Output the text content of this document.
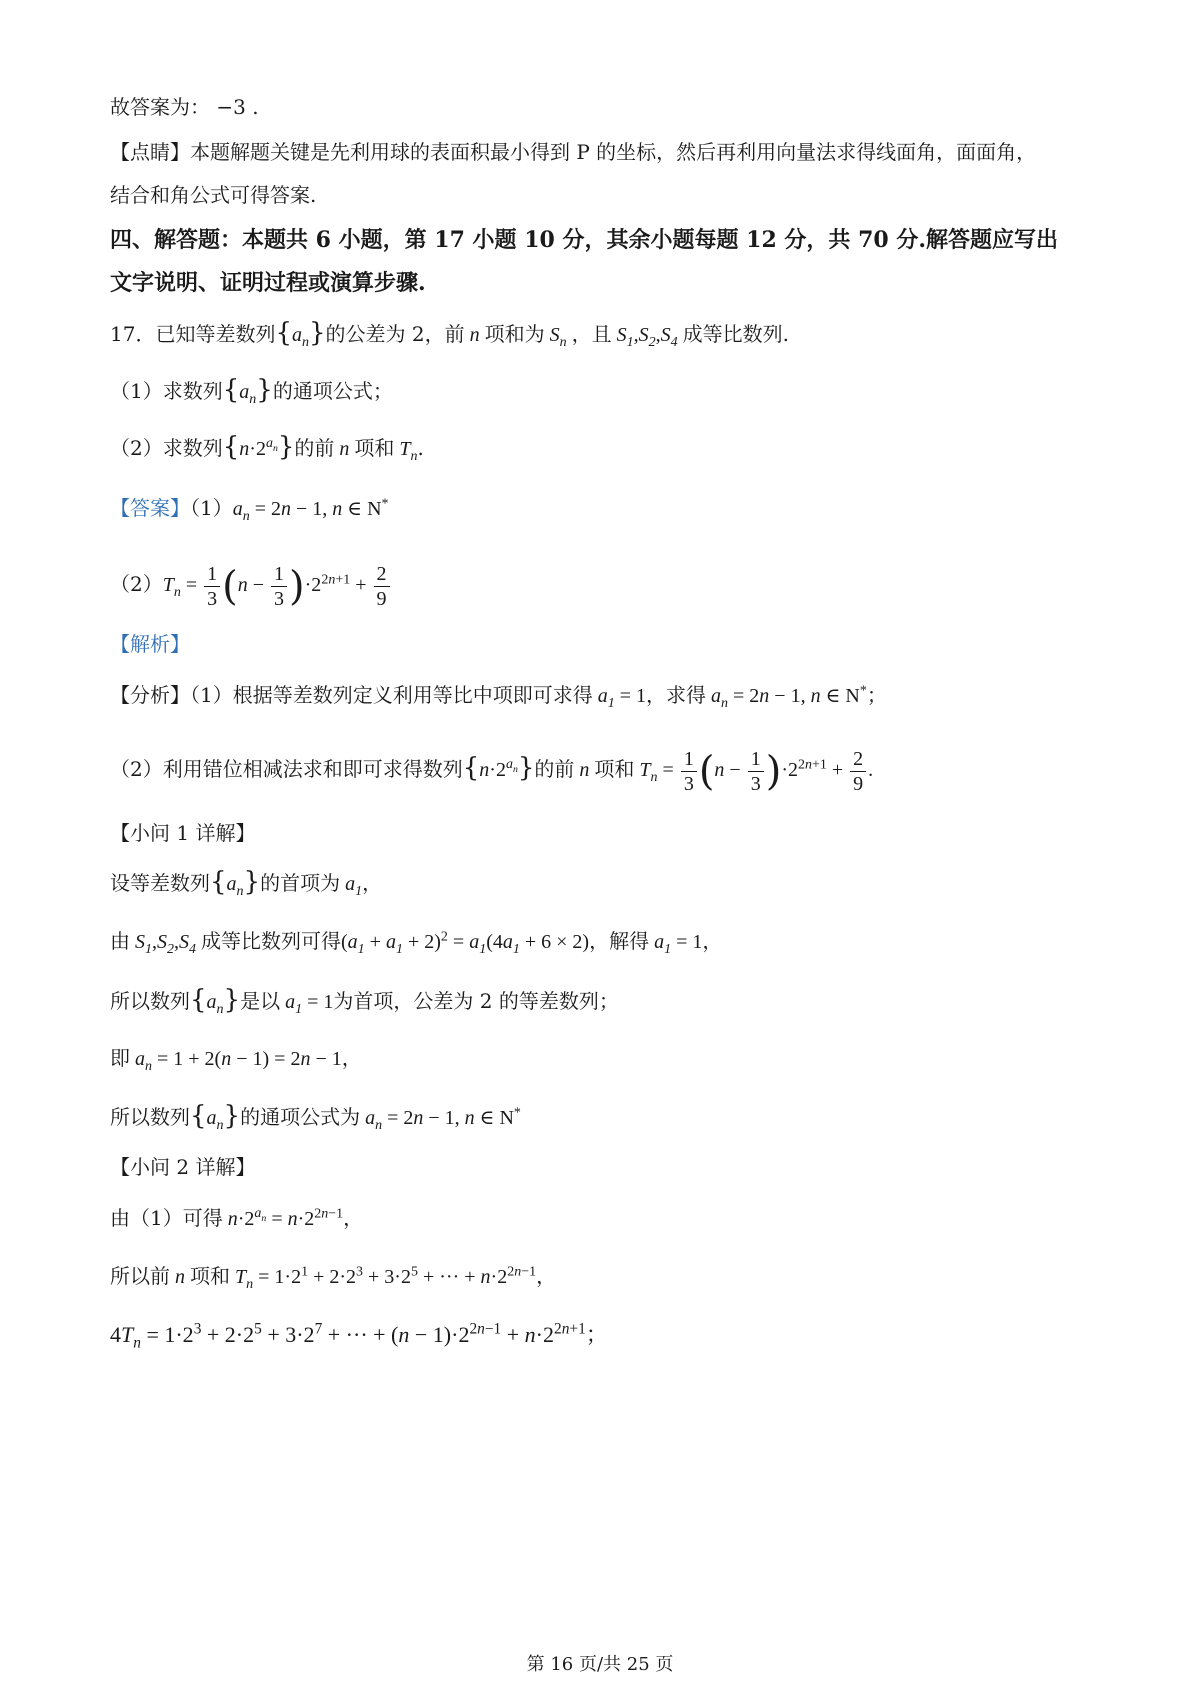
故答案为： −3 .
【点睛】本题解题关键是先利用球的表面积最小得到 P 的坐标，然后再利用向量法求得线面角，面面角，
结合和角公式可得答案.
四、解答题：本题共 6 小题，第 17 小题 10 分，其余小题每题 12 分，共 70 分.解答题应写出
文字说明、证明过程或演算步骤.
17．已知等差数列$\{a_n\}$的公差为 2，前 n 项和为 $S_n$ ，且 $S_1,S_2,S_4$ 成等比数列.
（1）求数列$\{a_n\}$的通项公式；
（2）求数列$\{n\cdot 2^{a_n}\}$的前 n 项和 $T_n$.
【答案】$(1)a_n = 2n - 1$, n ∈ N*
$(2)T_n = \frac{1}{3} (n - \frac{1}{3} )\cdot 2^{2n+1} + \frac{2}{9}$
【解析】
【分析】（1）根据等差数列定义利用等比中项即可求得 $a_1 = 1$，求得 $a_n = 2n - 1$, n ∈ N*；
（2）利用错位相减法求和即可求得数列$\{n\cdot 2^{a_n}\}$的前 n 项和 $T_n = \frac{1}{3} (n - \frac{1}{3} )\cdot 2^{2n+1} + \frac{2}{9}$ .
【小问 1 详解】
设等差数列$\{a_n\}$的首项为 $a_1$，
由 $S_1,S_2,S_4$ 成等比数列可得$(a_1 + a_1 + 2)^2 = a_1(4a_1 + 6 \times 2)$，解得 $a_1 = 1$，
所以数列$\{a_n\}$是以 $a_1 = 1$为首项，公差为 2 的等差数列；
即 $a_n = 1 + 2(n - 1) = 2n - 1$，
所以数列$\{a_n\}$的通项公式为 $a_n = 2n - 1$, n ∈ N*
【小问 2 详解】
由（1）可得 $n\cdot 2^{a_n} = n\cdot 2^{2n-1}$，
所以前 n 项和 $T_n = 1\cdot 2^1 + 2\cdot 2^3 + 3\cdot 2^5$ + ··· + $n\cdot 2^{2n-1}$，
$4T_n = 1\cdot 2^3 + 2\cdot 2^5 + 3\cdot 2^7$ + ··· + $(n - 1)\cdot 2^{2n-1} + n\cdot 2^{2n+1}$；
第 16 页/共 25 页
